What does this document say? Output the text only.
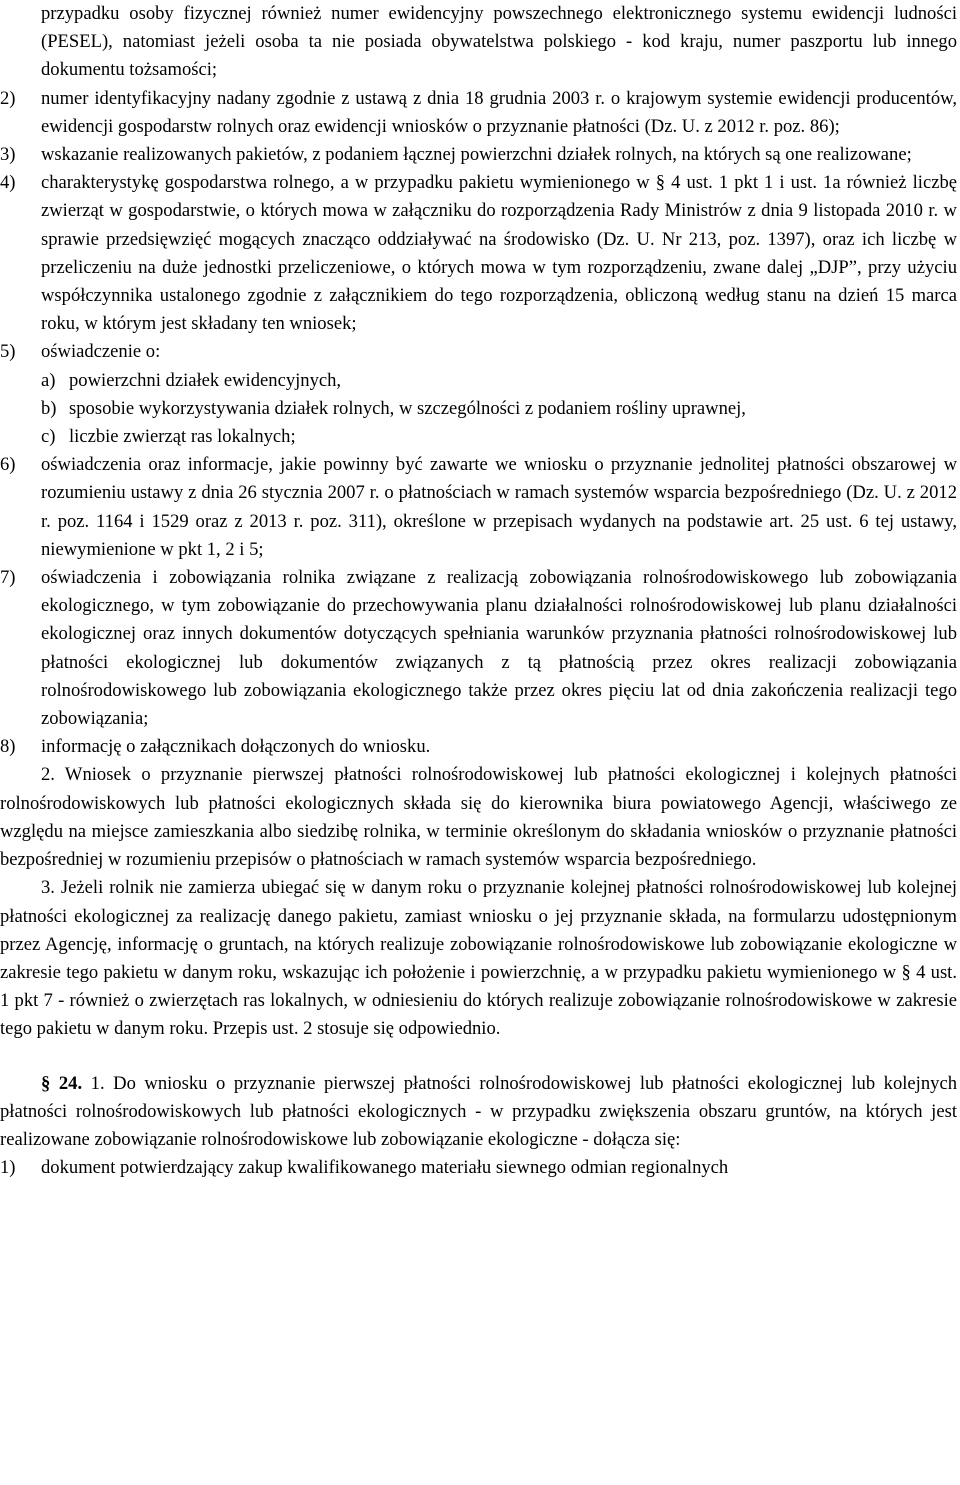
przypadku osoby fizycznej również numer ewidencyjny powszechnego elektronicznego systemu ewidencji ludności (PESEL), natomiast jeżeli osoba ta nie posiada obywatelstwa polskiego - kod kraju, numer paszportu lub innego dokumentu tożsamości;

2)	numer identyfikacyjny nadany zgodnie z ustawą z dnia 18 grudnia 2003 r. o krajowym systemie ewidencji producentów, ewidencji gospodarstw rolnych oraz ewidencji wniosków o przyznanie płatności (Dz. U. z 2012 r. poz. 86);
3)	wskazanie realizowanych pakietów, z podaniem łącznej powierzchni działek rolnych, na których są one realizowane;
4)	charakterystykę gospodarstwa rolnego, a w przypadku pakietu wymienionego w § 4 ust. 1 pkt 1 i ust. 1a również liczbę zwierząt w gospodarstwie, o których mowa w załączniku do rozporządzenia Rady Ministrów z dnia 9 listopada 2010 r. w sprawie przedsięwzięć mogących znacząco oddziaływać na środowisko (Dz. U. Nr 213, poz. 1397), oraz ich liczbę w przeliczeniu na duże jednostki przeliczeniowe, o których mowa w tym rozporządzeniu, zwane dalej „DJP”, przy użyciu współczynnika ustalonego zgodnie z załącznikiem do tego rozporządzenia, obliczoną według stanu na dzień 15 marca roku, w którym jest składany ten wniosek;
5)	oświadczenie o:
a) powierzchni działek ewidencyjnych,
b) sposobie wykorzystywania działek rolnych, w szczególności z podaniem rośliny uprawnej,
c) liczbie zwierząt ras lokalnych;
6)	oświadczenia oraz informacje, jakie powinny być zawarte we wniosku o przyznanie jednolitej płatności obszarowej w rozumieniu ustawy z dnia 26 stycznia 2007 r. o płatnościach w ramach systemów wsparcia bezpośredniego (Dz. U. z 2012 r. poz. 1164 i 1529 oraz z 2013 r. poz. 311), określone w przepisach wydanych na podstawie art. 25 ust. 6 tej ustawy, niewymienione w pkt 1, 2 i 5;
7)	oświadczenia i zobowiązania rolnika związane z realizacją zobowiązania rolnośrodowiskowego lub zobowiązania ekologicznego, w tym zobowiązanie do przechowywania planu działalności rolnośrodowiskowej lub planu działalności ekologicznej oraz innych dokumentów dotyczących spełniania warunków przyznania płatności rolnośrodowiskowej lub płatności ekologicznej lub dokumentów związanych z tą płatnością przez okres realizacji zobowiązania rolnośrodowiskowego lub zobowiązania ekologicznego także przez okres pięciu lat od dnia zakończenia realizacji tego zobowiązania;
8)	informację o załącznikach dołączonych do wniosku.

2. Wniosek o przyznanie pierwszej płatności rolnośrodowiskowej lub płatności ekologicznej i kolejnych płatności rolnośrodowiskowych lub płatności ekologicznych składa się do kierownika biura powiatowego Agencji, właściwego ze względu na miejsce zamieszkania albo siedzibę rolnika, w terminie określonym do składania wniosków o przyznanie płatności bezpośredniej w rozumieniu przepisów o płatnościach w ramach systemów wsparcia bezpośredniego.

3. Jeżeli rolnik nie zamierza ubiegać się w danym roku o przyznanie kolejnej płatności rolnośrodowiskowej lub kolejnej płatności ekologicznej za realizację danego pakietu, zamiast wniosku o jej przyznanie składa, na formularzu udostępnionym przez Agencję, informację o gruntach, na których realizuje zobowiązanie rolnośrodowiskowe lub zobowiązanie ekologiczne w zakresie tego pakietu w danym roku, wskazując ich położenie i powierzchnię, a w przypadku pakietu wymienionego w § 4 ust. 1 pkt 7 - również o zwierzętach ras lokalnych, w odniesieniu do których realizuje zobowiązanie rolnośrodowiskowe w zakresie tego pakietu w danym roku. Przepis ust. 2 stosuje się odpowiednio.

§ 24. 1. Do wniosku o przyznanie pierwszej płatności rolnośrodowiskowej lub płatności ekologicznej lub kolejnych płatności rolnośrodowiskowych lub płatności ekologicznych - w przypadku zwiększenia obszaru gruntów, na których jest realizowane zobowiązanie rolnośrodowiskowe lub zobowiązanie ekologiczne - dołącza się:

1)	dokument potwierdzający zakup kwalifikowanego materiału siewnego odmian regionalnych
